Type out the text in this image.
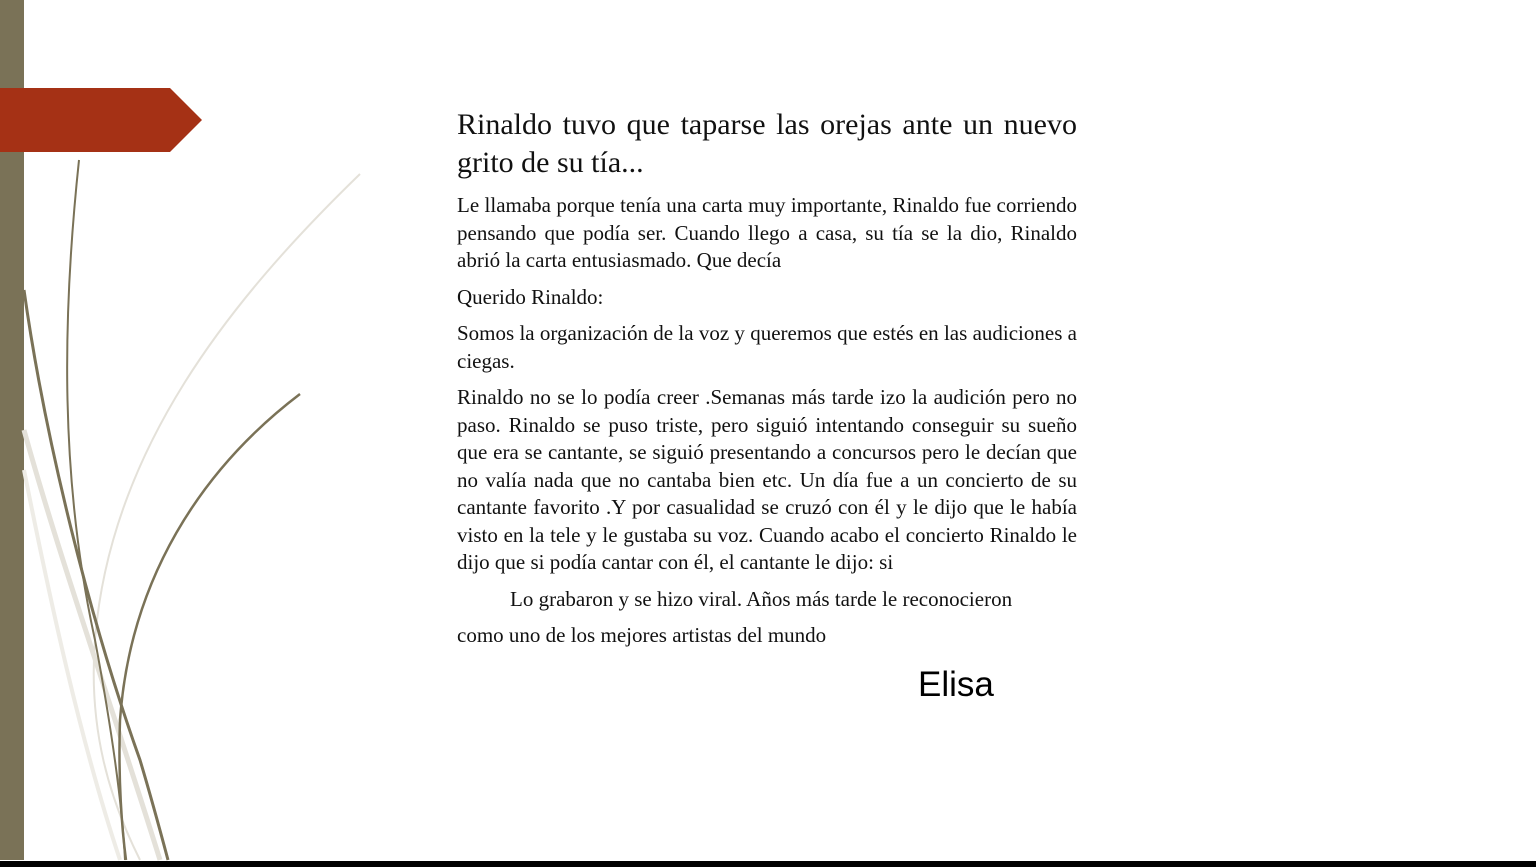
Rinaldo tuvo que taparse las orejas ante un nuevo grito de su tía...

Le llamaba porque tenía una carta muy importante, Rinaldo fue corriendo pensando que podía ser. Cuando llego a casa, su tía se la dio, Rinaldo abrió la carta entusiasmado. Que decía

Querido Rinaldo:

Somos la organización de la voz y queremos que estés en las audiciones a ciegas.

Rinaldo no se lo podía creer .Semanas más tarde izo la audición pero no paso. Rinaldo se puso triste, pero siguió intentando conseguir su sueño que era se cantante, se siguió presentando a concursos pero le decían que no valía nada que no cantaba bien etc. Un día fue a un concierto de su cantante favorito .Y por casualidad se cruzó con él y le dijo que le había visto en la tele y le gustaba su voz. Cuando acabo el concierto Rinaldo le dijo que si podía cantar con él, el cantante le dijo: si

Lo grabaron y se hizo viral. Años más tarde le reconocieron

como uno de los mejores artistas del mundo

Elisa
